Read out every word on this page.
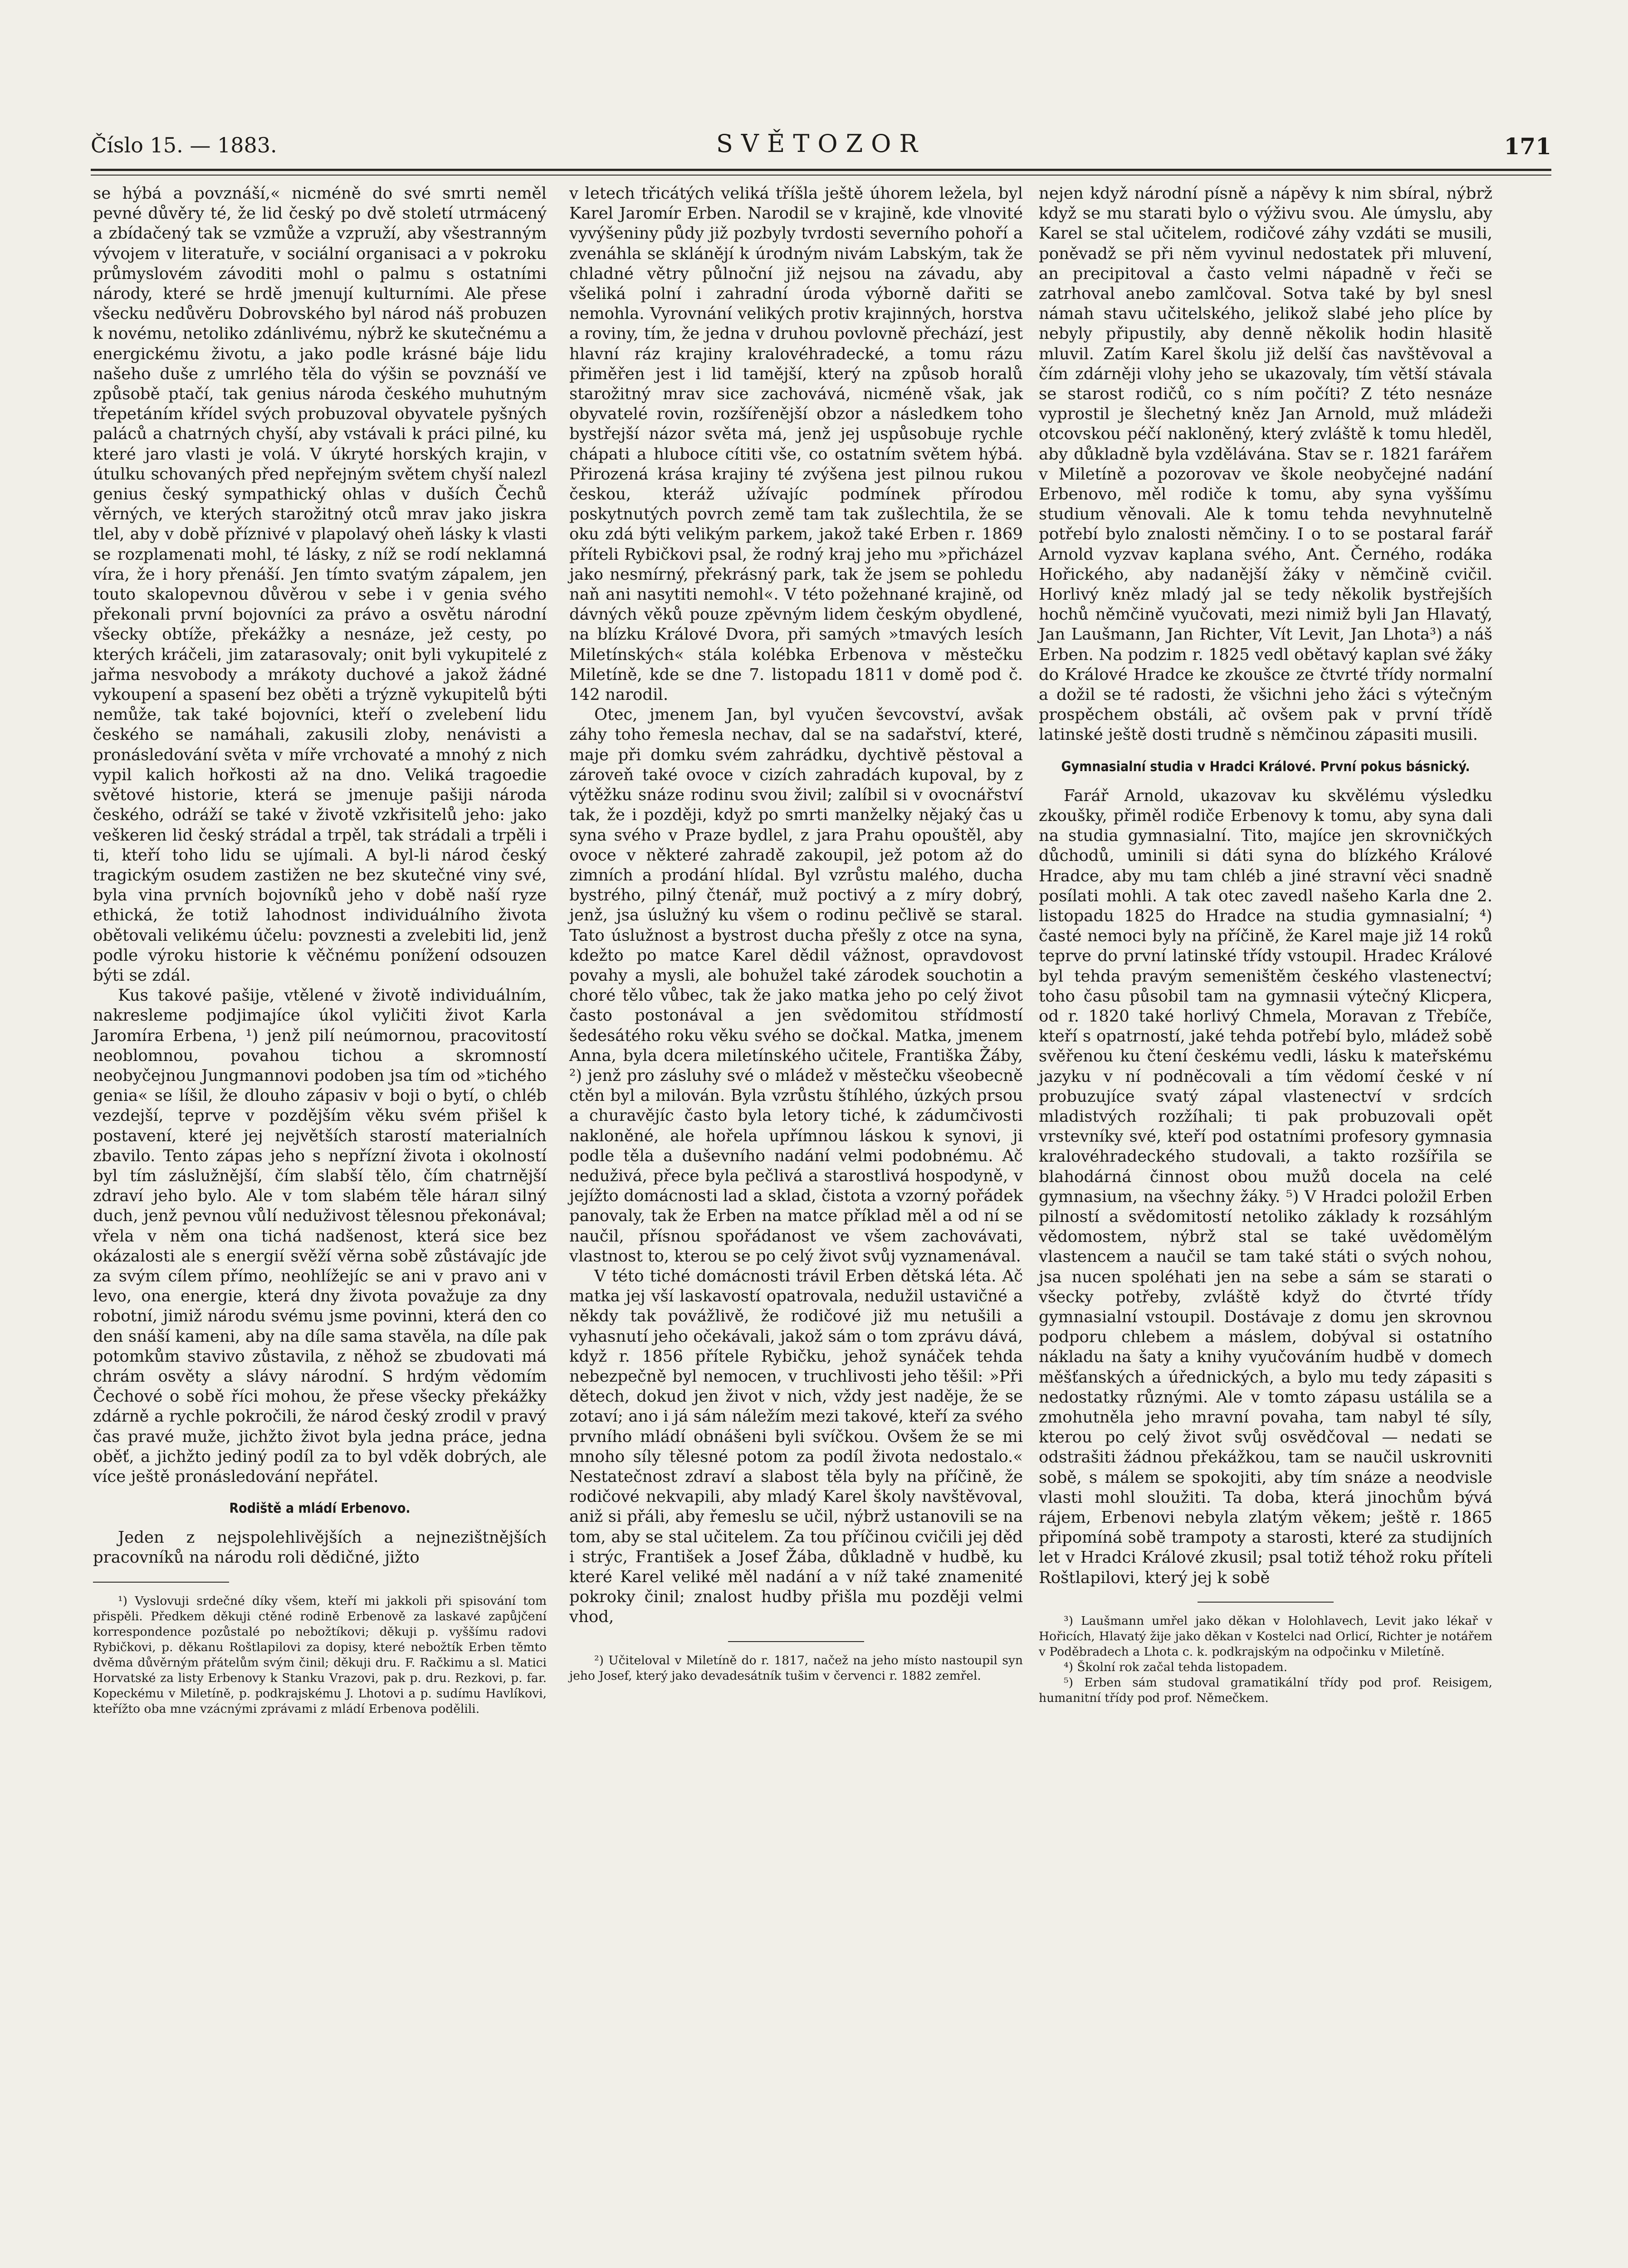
Číslo 15. — 1883.	SVĚTOZOR	171

se hýbá a povznáší,« nicméně do své smrti neměl pevné důvěry té, že lid český po dvě století utrmácený a zbídačený tak se vzmůže a vzpruží, aby všestranným vývojem v literatuře, v sociální organisaci a v pokroku průmyslovém závoditi mohl o palmu s ostatními národy, které se hrdě jmenují kulturními. Ale přese všecku nedůvěru Dobrovského byl národ náš probuzen k novému, netoliko zdánlivému, nýbrž ke skutečnému a energickému životu, a jako podle krásné báje lidu našeho duše z umrlého těla do výšin se povznáší ve způsobě ptačí, tak genius národa českého muhutným třepetáním křídel svých probuzoval obyvatele pyšných paláců a chatrných chyší, aby vstávali k práci pilné, ku které jaro vlasti je volá. V úkryté horských krajin, v útulku schovaných před nepřejným světem chyší nalezl genius český sympathický ohlas v duších Čechů věrných, ve kterých starožitný otců mrav jako jiskra tlel, aby v době příznivé v plapolavý oheň lásky k vlasti se rozplamenati mohl, té lásky, z níž se rodí neklamná víra, že i hory přenáší. Jen tímto svatým zápalem, jen touto skalopevnou důvěrou v sebe i v genia svého překonali první bojovníci za právo a osvětu národní všecky obtíže, překážky a nesnáze, jež cesty, po kterých kráčeli, jim zatarasovaly; onit byli vykupitelé z jařma nesvobody a mrákoty duchové a jakož žádné vykoupení a spasení bez oběti a trýzně vykupitelů býti nemůže, tak také bojovníci, kteří o zvelebení lidu českého se namáhali, zakusili zloby, nenávisti a pronásledování světa v míře vrchovaté a mnohý z nich vypil kalich hořkosti až na dno. Veliká tragoedie světové historie, která se jmenuje pašiji národa českého, odráží se také v životě vzkřisitelů jeho: jako veškeren lid český strádal a trpěl, tak strádali a trpěli i ti, kteří toho lidu se ujímali. A byl-li národ český tragickým osudem zastižen ne bez skutečné viny své, byla vina prvních bojovníků jeho v době naší ryze ethická, že totiž lahodnost individuálního života obětovali velikému účelu: povznesti a zvelebiti lid, jenž podle výroku historie k věčnému ponížení odsouzen býti se zdál.

Kus takové pašije, vtělené v životě individuálním, nakresleme podjimajíce úkol vyličiti život Karla Jaromíra Erbena, ¹) jenž pilí neúmornou, pracovitostí neoblomnou, povahou tichou a skromností neobyčejnou Jungmannovi podoben jsa tím od »tichého genia« se líšil, že dlouho zápasiv v boji o bytí, o chléb vezdejší, teprve v pozdějším věku svém přišel k postavení, které jej největších starostí materialních zbavilo. Tento zápas jeho s nepřízní života i okolností byl tím záslužnější, čím slabší tělo, čím chatrnější zdraví jeho bylo. Ale v tom slabém těle hárал silný duch, jenž pevnou vůlí neduživost tělesnou překonával; vřela v něm ona tichá nadšenost, která sice bez okázalosti ale s energií svěží věrna sobě zůstávajíc jde za svým cílem přímo, neohlížejíc se ani v pravo ani v levo, ona energie, která dny života považuje za dny robotní, jimiž národu svému jsme povinni, která den co den snáší kameni, aby na díle sama stavěla, na díle pak potomkům stavivo zůstavila, z něhož se zbudovati má chrám osvěty a slávy národní. S hrdým vědomím Čechové o sobě říci mohou, že přese všecky překážky zdárně a rychle pokročili, že národ český zrodil v pravý čas pravé muže, jichžto život byla jedna práce, jedna oběť, a jichžto jediný podíl za to byl vděk dobrých, ale více ještě pronásledování nepřátel.

Rodiště a mládí Erbenovo.

Jeden z nejspolehlivějších a nejnezištnějších pracovníků na národu roli dědičné, jižto

¹) Vyslovuji srdečné díky všem, kteří mi jakkoli při spisování tom přispěli. Předkem děkuji ctěné rodině Erbenově za laskavé zapůjčení korrespondence pozůstalé po nebožtíkovi; děkuji p. vyššímu radovi Rybičkovi, p. děkanu Roštlapilovi za dopisy, které nebožtík Erben těmto dvěma důvěrným přátelům svým činil; děkuji dru. F. Račkimu a sl. Matici Horvatské za listy Erbenovy k Stanku Vrazovi, pak p. dru. Rezkovi, p. far. Kopeckému v Miletíně, p. podkrajskému J. Lhotovi a p. sudímu Havlíkovi, kteřížto oba mne vzácnými zprávami z mládí Erbenova podělili.

v letech třicátých veliká tříšla ještě úhorem ležela, byl Karel Jaromír Erben. Narodil se v krajině, kde vlnovité vyvýšeniny půdy již pozbyly tvrdosti severního pohoří a zvenáhla se sklánějí k úrodným nivám Labským, tak že chladné větry půlnoční již nejsou na závadu, aby všeliká polní i zahradní úroda výborně dařiti se nemohla. Vyrovnání velikých protiv krajinných, horstva a roviny, tím, že jedna v druhou povlovně přechází, jest hlavní ráz krajiny kralovéhradecké, a tomu rázu přiměřen jest i lid tamější, který na způsob horalů starožitný mrav sice zachovává, nicméně však, jak obyvatelé rovin, rozšířenější obzor a následkem toho bystřejší názor světa má, jenž jej uspůsobuje rychle chápati a hluboce cítiti vše, co ostatním světem hýbá. Přirozená krása krajiny té zvýšena jest pilnou rukou českou, kteráž užívajíc podmínek přírodou poskytnutých povrch země tam tak zušlechtila, že se oku zdá býti velikým parkem, jakož také Erben r. 1869 příteli Rybičkovi psal, že rodný kraj jeho mu »přicházel jako nesmírný, překrásný park, tak že jsem se pohledu naň ani nasytiti nemohl«. V této požehnané krajině, od dávných věků pouze zpěvným lidem českým obydlené, na blízku Králové Dvora, při samých »tmavých lesích Miletínských« stála kolébka Erbenova v městečku Miletíně, kde se dne 7. listopadu 1811 v domě pod č. 142 narodil.

Otec, jmenem Jan, byl vyučen ševcovství, avšak záhy toho řemesla nechav, dal se na sadařství, které, maje při domku svém zahrádku, dychtivě pěstoval a zároveň také ovoce v cizích zahradách kupoval, by z výtěžku snáze rodinu svou živil; zalíbil si v ovocnářství tak, že i později, když po smrti manželky nějaký čas u syna svého v Praze bydlel, z jara Prahu opouštěl, aby ovoce v některé zahradě zakoupil, jež potom až do zimních a prodání hlídal. Byl vzrůstu malého, ducha bystrého, pilný čtenář, muž poctivý a z míry dobrý, jenž, jsa úslužný ku všem o rodinu pečlivě se staral. Tato úslužnost a bystrost ducha přešly z otce na syna, kdežto po matce Karel dědil vážnost, opravdovost povahy a mysli, ale bohužel také zárodek souchotin a choré tělo vůbec, tak že jako matka jeho po celý život často postonával a jen svědomitou střídmostí šedesátého roku věku svého se dočkal. Matka, jmenem Anna, byla dcera miletínského učitele, Františka Žáby, ²) jenž pro zásluhy své o mládež v městečku všeobecně ctěn byl a milován. Byla vzrůstu štíhlého, úzkých prsou a churavějíc často byla letory tiché, k zádumčivosti nakloněné, ale hořela upřímnou láskou k synovi, ji podle těla a duševního nadání velmi podobnému. Ač neduživá, přece byla pečlivá a starostlivá hospodyně, v jejížto domácnosti lad a sklad, čistota a vzorný pořádek panovaly, tak že Erben na matce příklad měl a od ní se naučil, přísnou spořádanost ve všem zachovávati, vlastnost to, kterou se po celý život svůj vyznamenával.

V této tiché domácnosti trávil Erben dětská léta. Ač matka jej vší laskavostí opatrovala, nedužil ustavičné a někdy tak povážlivě, že rodičové již mu netušili a vyhasnutí jeho očekávali, jakož sám o tom zprávu dává, když r. 1856 přítele Rybičku, jehož synáček tehda nebezpečně byl nemocen, v truchlivosti jeho těšil: »Při dětech, dokud jen život v nich, vždy jest naděje, že se zotaví; ano i já sám náležím mezi takové, kteří za svého prvního mládí obnášeni byli svíčkou. Ovšem že se mi mnoho síly tělesné potom za podíl života nedostalo.« Nestatečnost zdraví a slabost těla byly na příčině, že rodičové nekvapili, aby mladý Karel školy navštěvoval, aniž si přáli, aby řemeslu se učil, nýbrž ustanovili se na tom, aby se stal učitelem. Za tou příčinou cvičili jej děd i strýc, František a Josef Žába, důkladně v hudbě, ku které Karel veliké měl nadání a v níž také znamenité pokroky činil; znalost hudby přišla mu později velmi vhod,

²) Učiteloval v Miletíně do r. 1817, načež na jeho místo nastoupil syn jeho Josef, který jako devadesátník tušim v červenci r. 1882 zemřel.

nejen když národní písně a nápěvy k nim sbíral, nýbrž když se mu starati bylo o výživu svou. Ale úmyslu, aby Karel se stal učitelem, rodičové záhy vzdáti se musili, poněvadž se při něm vyvinul nedostatek při mluvení, an precipitoval a často velmi nápadně v řeči se zatrhoval anebo zamlčoval. Sotva také by byl snesl námah stavu učitelského, jelikož slabé jeho plíce by nebyly připustily, aby denně několik hodin hlasitě mluvil. Zatím Karel školu již delší čas navštěvoval a čím zdárněji vlohy jeho se ukazovaly, tím větší stávala se starost rodičů, co s ním počíti? Z této nesnáze vyprostil je šlechetný kněz Jan Arnold, muž mládeži otcovskou péčí nakloněný, který zvláště k tomu hleděl, aby důkladně byla vzdělávána. Stav se r. 1821 farářem v Miletíně a pozorovav ve škole neobyčejné nadání Erbenovo, měl rodiče k tomu, aby syna vyššímu studium věnovali. Ale k tomu tehda nevyhnutelně potřebí bylo znalosti němčiny. I o to se postaral farář Arnold vyzvav kaplana svého, Ant. Černého, rodáka Hořického, aby nadanější žáky v němčině cvičil. Horlivý kněz mladý jal se tedy několik bystřejších hochů němčině vyučovati, mezi nimiž byli Jan Hlavatý, Jan Laušmann, Jan Richter, Vít Levit, Jan Lhota³) a náš Erben. Na podzim r. 1825 vedl obětavý kaplan své žáky do Králové Hradce ke zkoušce ze čtvrté třídy normalní a dožil se té radosti, že všichni jeho žáci s výtečným prospěchem obstáli, ač ovšem pak v první třídě latinské ještě dosti trudně s němčinou zápasiti musili.

Gymnasialní studia v Hradci Králové. První pokus básnický.

Farář Arnold, ukazovav ku skvělému výsledku zkoušky, přiměl rodiče Erbenovy k tomu, aby syna dali na studia gymnasialní. Tito, majíce jen skrovničkých důchodů, uminili si dáti syna do blízkého Králové Hradce, aby mu tam chléb a jiné stravní věci snadně posílati mohli. A tak otec zavedl našeho Karla dne 2. listopadu 1825 do Hradce na studia gymnasialní; ⁴) časté nemoci byly na příčině, že Karel maje již 14 roků teprve do první latinské třídy vstoupil. Hradec Králové byl tehda pravým semeništěm českého vlastenectví; toho času působil tam na gymnasii výtečný Klicpera, od r. 1820 také horlivý Chmela, Moravan z Třebíče, kteří s opatrností, jaké tehda potřebí bylo, mládež sobě svěřenou ku čtení českému vedli, lásku k mateřskému jazyku v ní podněcovali a tím vědomí české v ní probuzujíce svatý zápal vlastenectví v srdcích mladistvých rozžíhali; ti pak probuzovali opět vrstevníky své, kteří pod ostatními profesory gymnasia kralovéhradeckého studovali, a takto rozšířila se blahodárná činnost obou mužů docela na celé gymnasium, na všechny žáky. ⁵) V Hradci položil Erben pilností a svědomitostí netoliko základy k rozsáhlým vědomostem, nýbrž stal se také uvědomělým vlastencem a naučil se tam také státi o svých nohou, jsa nucen spoléhati jen na sebe a sám se starati o všecky potřeby, zvláště když do čtvrté třídy gymnasialní vstoupil. Dostávaje z domu jen skrovnou podporu chlebem a máslem, dobýval si ostatního nákladu na šaty a knihy vyučováním hudbě v domech měšťanských a úřednických, a bylo mu tedy zápasiti s nedostatky různými. Ale v tomto zápasu ustálila se a zmohutněla jeho mravní povaha, tam nabyl té síly, kterou po celý život svůj osvědčoval — nedati se odstrašiti žádnou překážkou, tam se naučil uskrovniti sobě, s málem se spokojiti, aby tím snáze a neodvisle vlasti mohl sloužiti. Ta doba, která jinochům bývá rájem, Erbenovi nebyla zlatým věkem; ještě r. 1865 připomíná sobě trampoty a starosti, které za studijních let v Hradci Králové zkusil; psal totiž téhož roku příteli Roštlapilovi, který jej k sobě

³) Laušmann umřel jako děkan v Holohlavech, Levit jako lékař v Hořicích, Hlavatý žije jako děkan v Kostelci nad Orlicí, Richter je notářem v Poděbradech a Lhota c. k. podkrajským na odpočinku v Miletíně.

⁴) Školní rok začal tehda listopadem.

⁵) Erben sám studoval gramatikální třídy pod prof. Reisigem, humanitní třídy pod prof. Němečkem.
